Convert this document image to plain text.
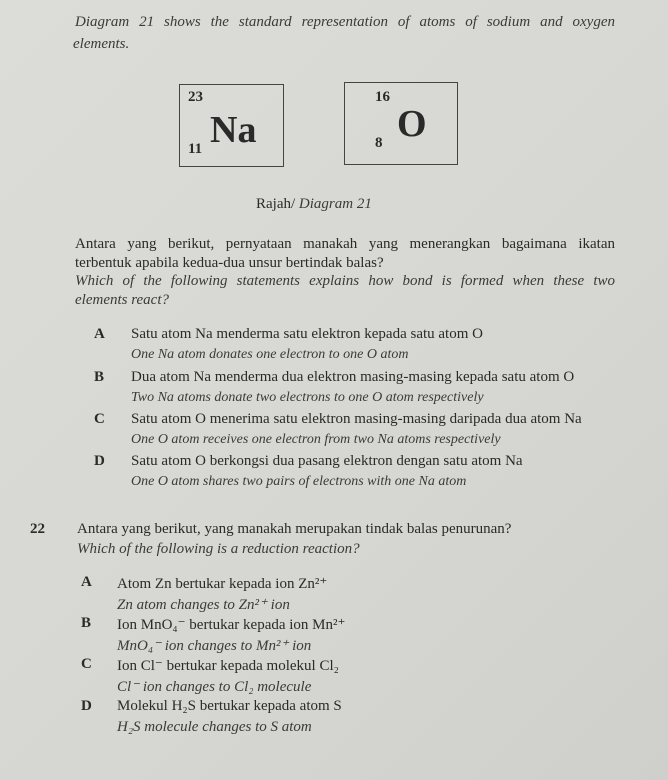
Diagram 21 shows the standard representation of atoms of sodium and oxygen
elements.
23
Na
11
16
O
8
Rajah/ Diagram 21
Antara yang berikut, pernyataan manakah yang menerangkan bagaimana ikatan
terbentuk apabila kedua-dua unsur bertindak balas?
Which of the following statements explains how bond is formed when these two
elements react?
A Satu atom Na menderma satu elektron kepada satu atom O
One Na atom donates one electron to one O atom
B Dua atom Na menderma dua elektron masing-masing kepada satu atom O
Two Na atoms donate two electrons to one O atom respectively
C Satu atom O menerima satu elektron masing-masing daripada dua atom Na
One O atom receives one electron from two Na atoms respectively
D Satu atom O berkongsi dua pasang elektron dengan satu atom Na
One O atom shares two pairs of electrons with one Na atom
22 Antara yang berikut, yang manakah merupakan tindak balas penurunan?
Which of the following is a reduction reaction?
A Atom Zn bertukar kepada ion Zn²⁺
Zn atom changes to Zn²⁺ ion
B Ion MnO₄⁻ bertukar kepada ion Mn²⁺
MnO₄⁻ ion changes to Mn²⁺ ion
C Ion Cl⁻ bertukar kepada molekul Cl₂
Cl⁻ ion changes to Cl₂ molecule
D Molekul H₂S bertukar kepada atom S
H₂S molecule changes to S atom
